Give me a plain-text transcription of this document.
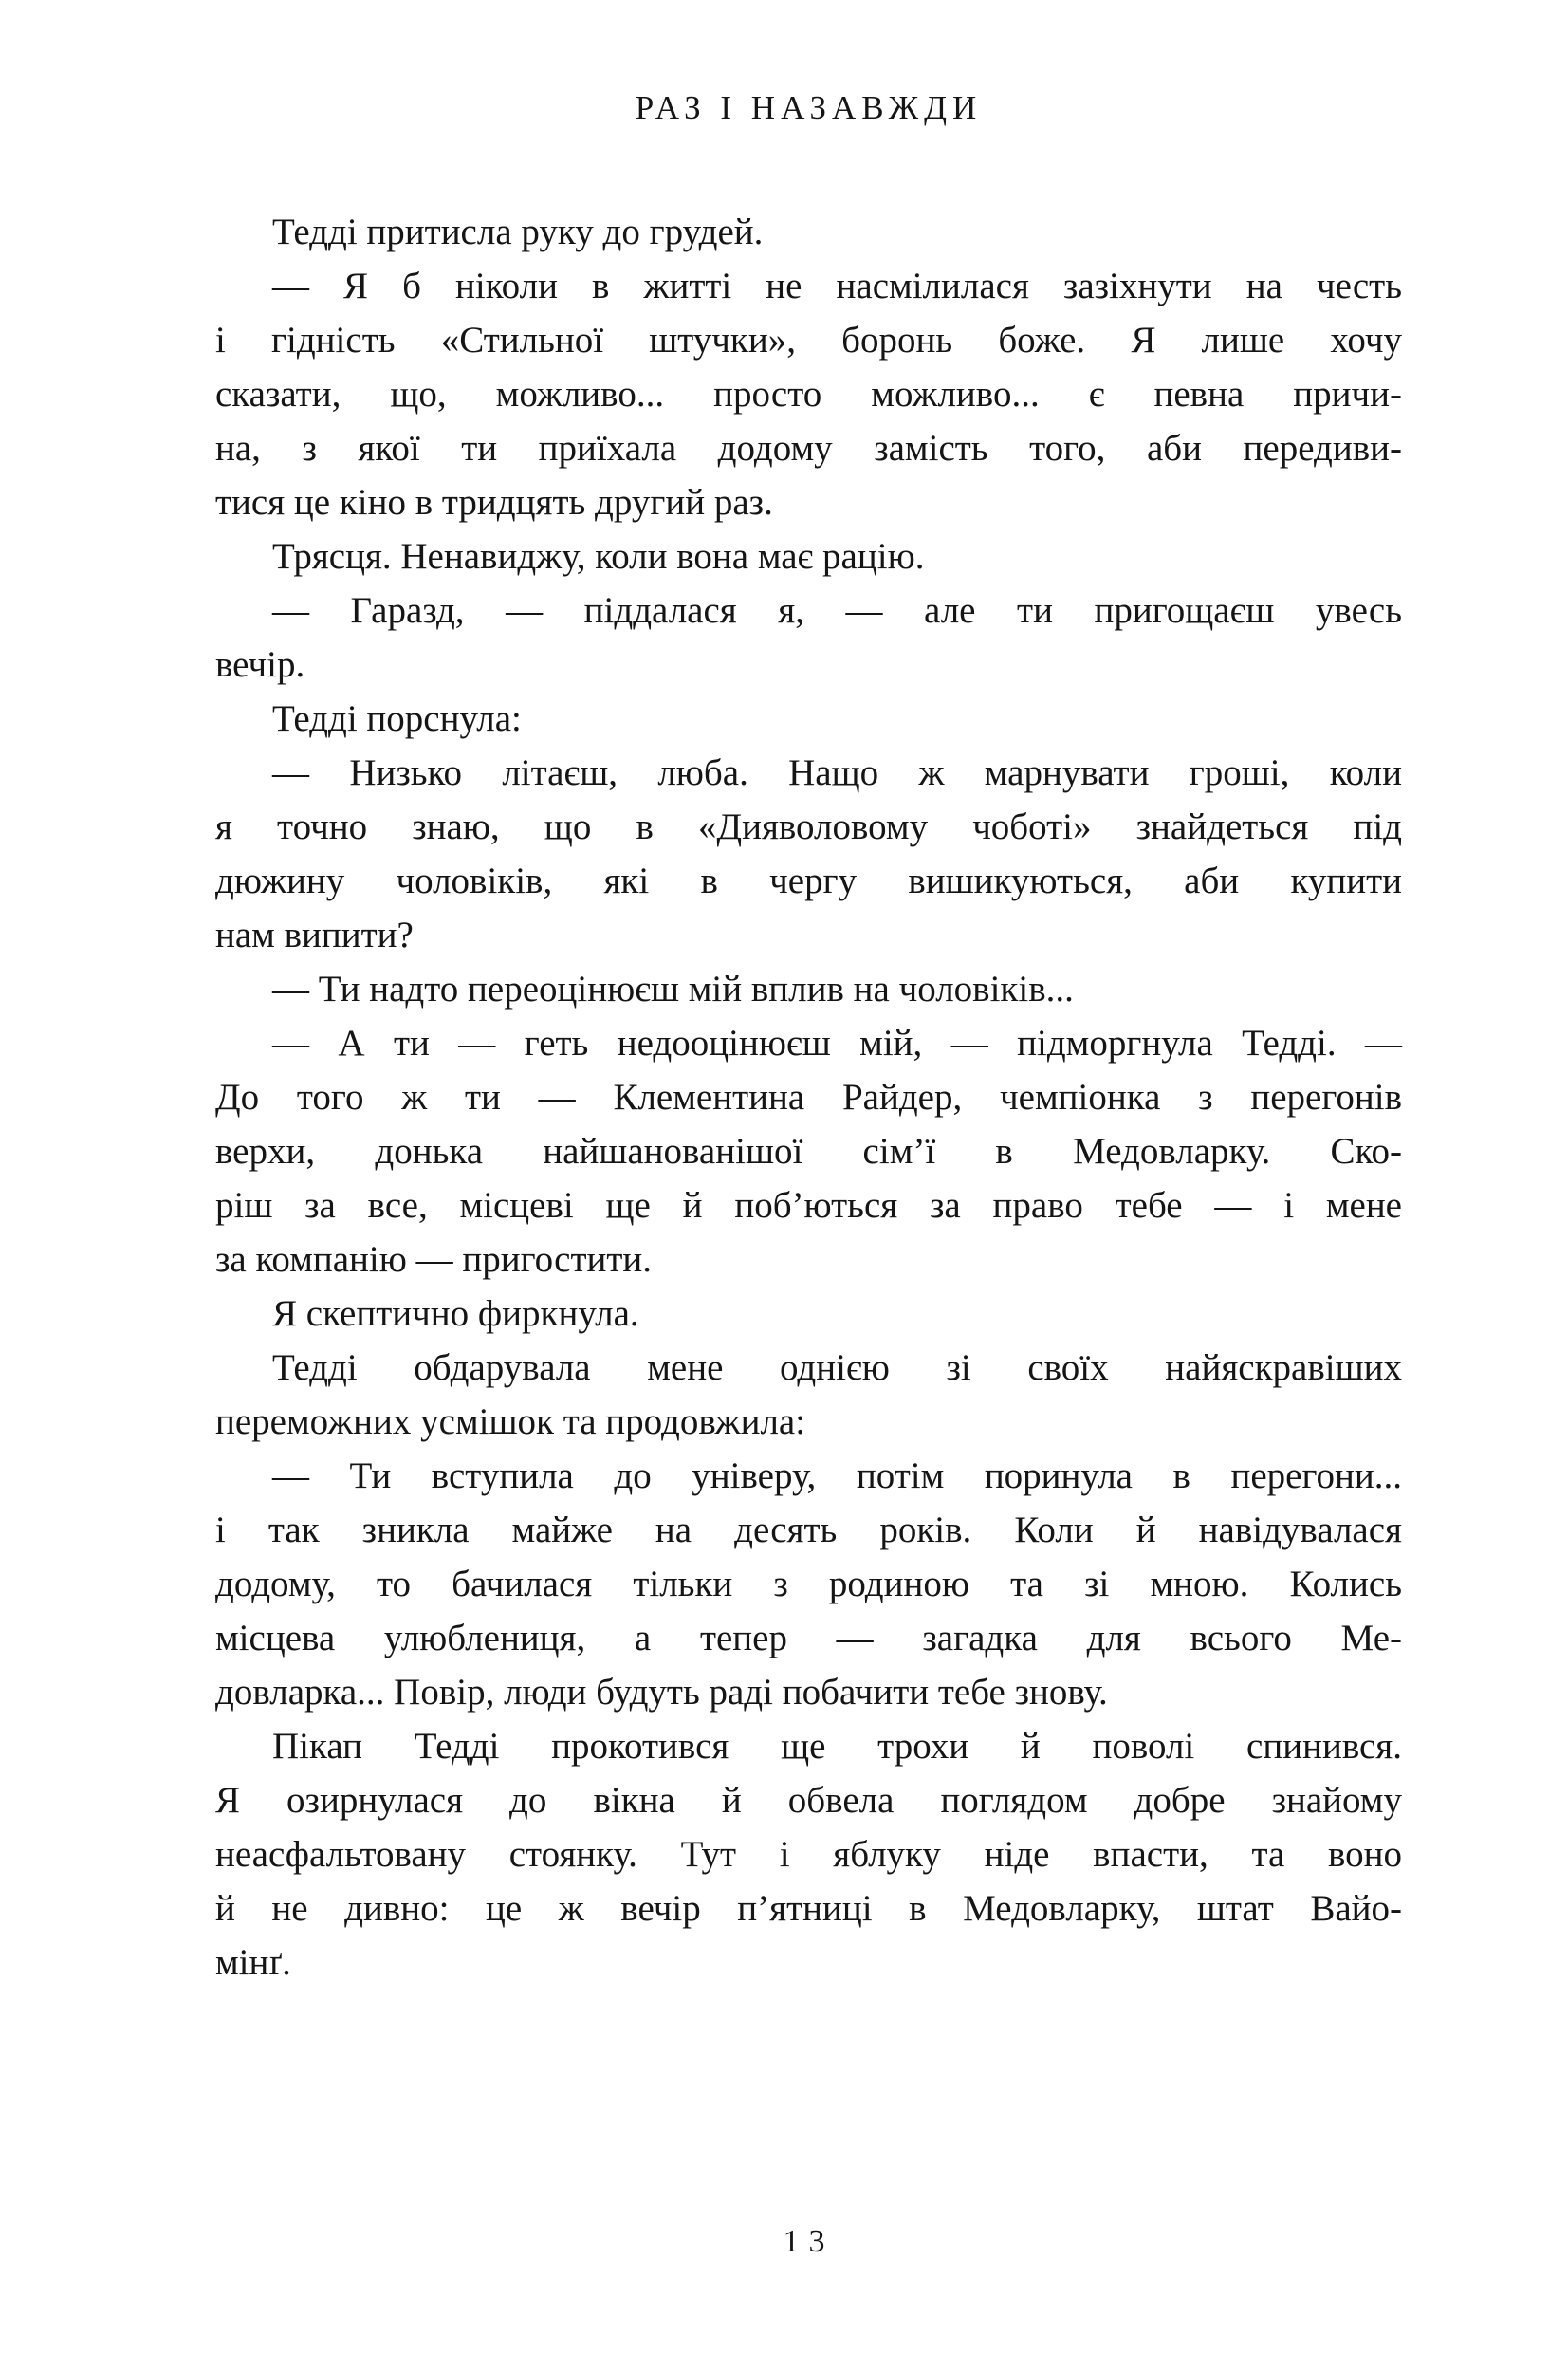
РАЗ І НАЗАВЖДИ
Тедді притисла руку до грудей.
— Я б ніколи в житті не насмілилася зазіхнути на честь
і гідність «Стильної штучки», боронь боже. Я лише хочу
сказати, що, можливо... просто можливо... є певна причи-
на, з якої ти приїхала додому замість того, аби передиви-
тися це кіно в тридцять другий раз.
Трясця. Ненавиджу, коли вона має рацію.
— Гаразд, — піддалася я, — але ти пригощаєш увесь
вечір.
Тедді порснула:
— Низько літаєш, люба. Нащо ж марнувати гроші, коли
я точно знаю, що в «Дияволовому чоботі» знайдеться під
дюжину чоловіків, які в чергу вишикуються, аби купити
нам випити?
— Ти надто переоцінюєш мій вплив на чоловіків...
— А ти — геть недооцінюєш мій, — підморгнула Тедді. —
До того ж ти — Клементина Райдер, чемпіонка з перегонів
верхи, донька найшанованішої сім’ї в Медовларку. Ско-
ріш за все, місцеві ще й поб’ються за право тебе — і мене
за компанію — пригостити.
Я скептично фиркнула.
Тедді обдарувала мене однією зі своїх найяскравіших
переможних усмішок та продовжила:
— Ти вступила до універу, потім поринула в перегони...
і так зникла майже на десять років. Коли й навідувалася
додому, то бачилася тільки з родиною та зі мною. Колись
місцева улюблениця, а тепер — загадка для всього Ме-
довларка... Повір, люди будуть раді побачити тебе знову.
Пікап Тедді прокотився ще трохи й поволі спинився.
Я озирнулася до вікна й обвела поглядом добре знайому
неасфальтовану стоянку. Тут і яблуку ніде впасти, та воно
й не дивно: це ж вечір п’ятниці в Медовларку, штат Вайо-
мінґ.
13
